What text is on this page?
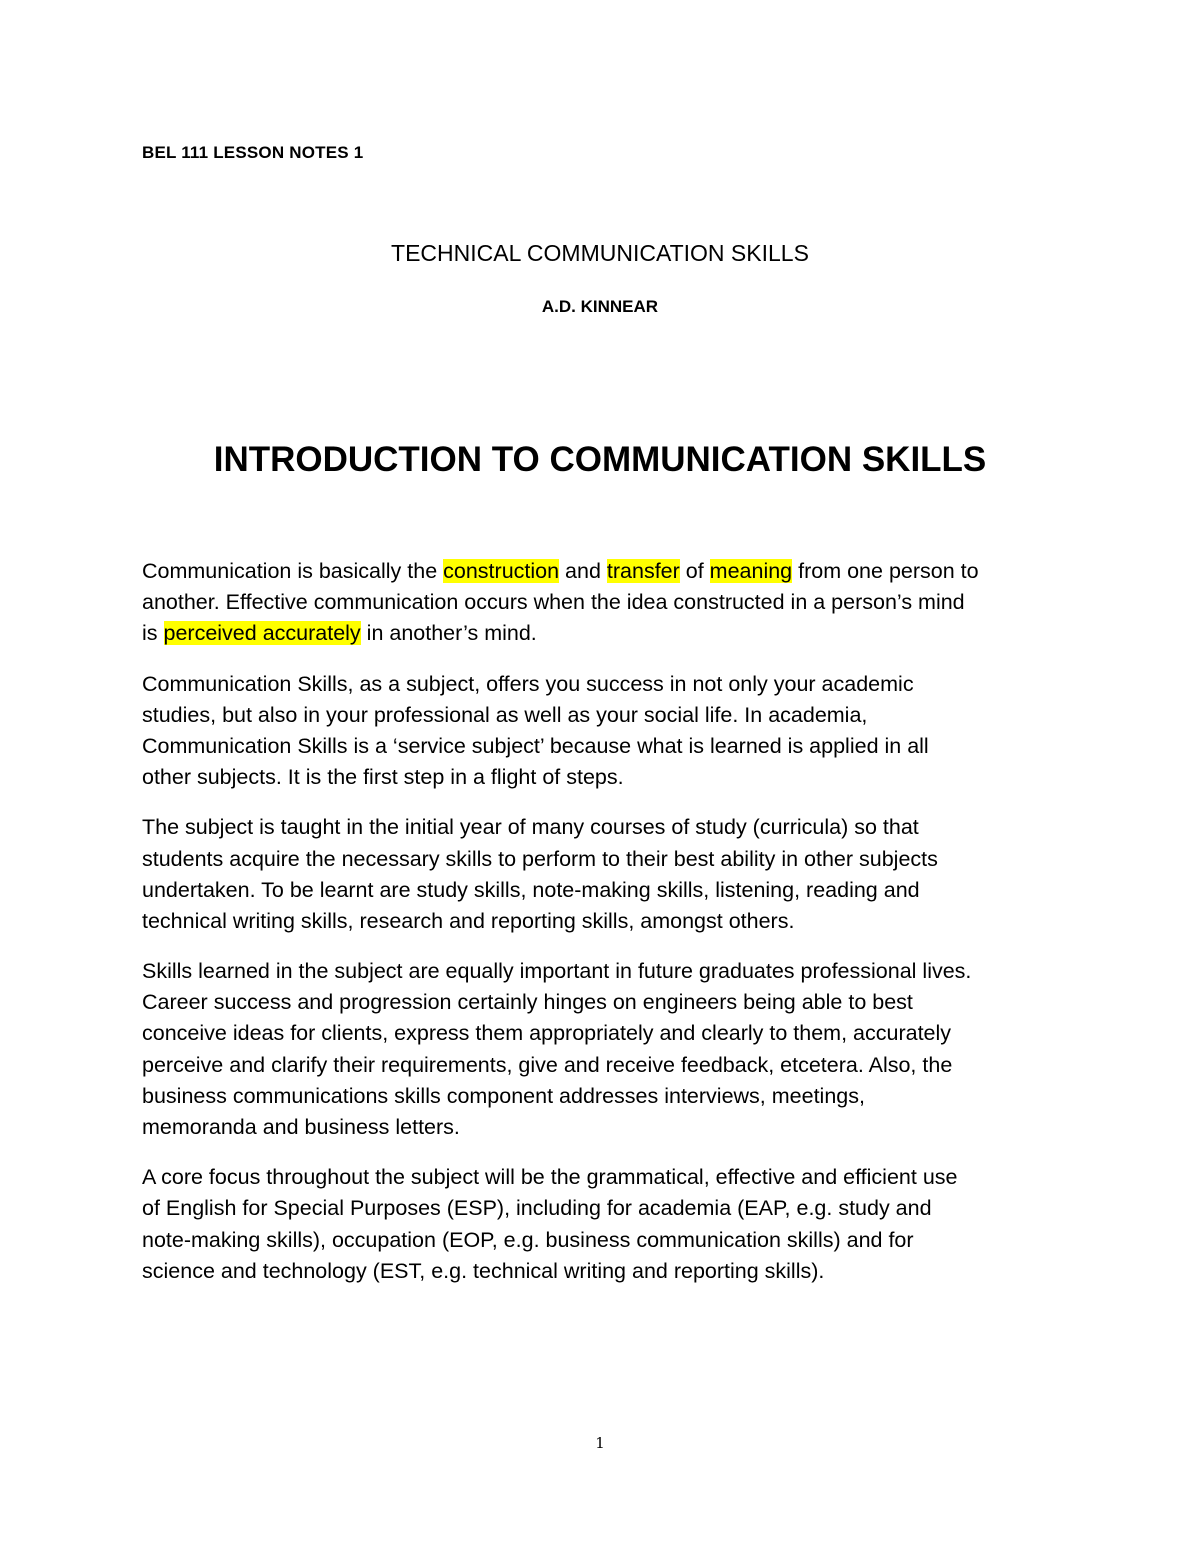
BEL 111 LESSON NOTES 1
TECHNICAL COMMUNICATION SKILLS
A.D. KINNEAR
INTRODUCTION TO COMMUNICATION SKILLS
Communication is basically the construction and transfer of meaning from one person to
another. Effective communication occurs when the idea constructed in a person’s mind
is perceived accurately in another’s mind.
Communication Skills, as a subject, offers you success in not only your academic
studies, but also in your professional as well as your social life. In academia,
Communication Skills is a ‘service subject’ because what is learned is applied in all
other subjects. It is the first step in a flight of steps.
The subject is taught in the initial year of many courses of study (curricula) so that
students acquire the necessary skills to perform to their best ability in other subjects
undertaken. To be learnt are study skills, note-making skills, listening, reading and
technical writing skills, research and reporting skills, amongst others.
Skills learned in the subject are equally important in future graduates professional lives.
Career success and progression certainly hinges on engineers being able to best
conceive ideas for clients, express them appropriately and clearly to them, accurately
perceive and clarify their requirements, give and receive feedback, etcetera. Also, the
business communications skills component addresses interviews, meetings,
memoranda and business letters.
A core focus throughout the subject will be the grammatical, effective and efficient use
of English for Special Purposes (ESP), including for academia (EAP, e.g. study and
note-making skills), occupation (EOP, e.g. business communication skills) and for
science and technology (EST, e.g. technical writing and reporting skills).
1
